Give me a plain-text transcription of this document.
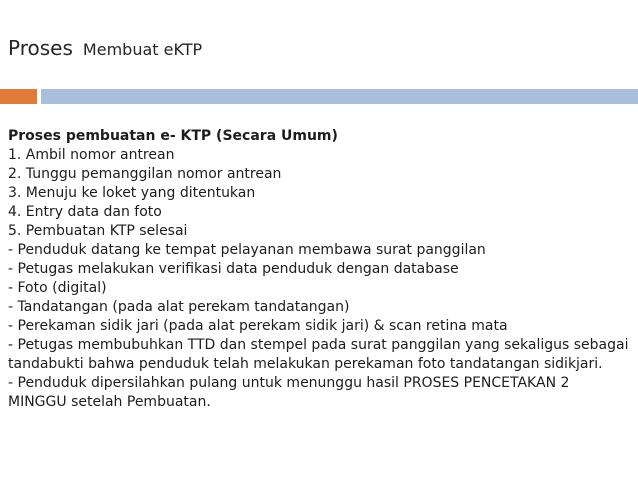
Proses Membuat eKTP
Proses pembuatan e- KTP (Secara Umum)
1. Ambil nomor antrean
2. Tunggu pemanggilan nomor antrean
3. Menuju ke loket yang ditentukan
4. Entry data dan foto
5. Pembuatan KTP selesai
- Penduduk datang ke tempat pelayanan membawa surat panggilan
- Petugas melakukan verifikasi data penduduk dengan database
- Foto (digital)
- Tandatangan (pada alat perekam tandatangan)
- Perekaman sidik jari (pada alat perekam sidik jari) & scan retina mata
- Petugas membubuhkan TTD dan stempel pada surat panggilan yang sekaligus sebagai tandabukti bahwa penduduk telah melakukan perekaman foto tandatangan sidikjari.
- Penduduk dipersilahkan pulang untuk menunggu hasil PROSES PENCETAKAN 2 MINGGU setelah Pembuatan.
